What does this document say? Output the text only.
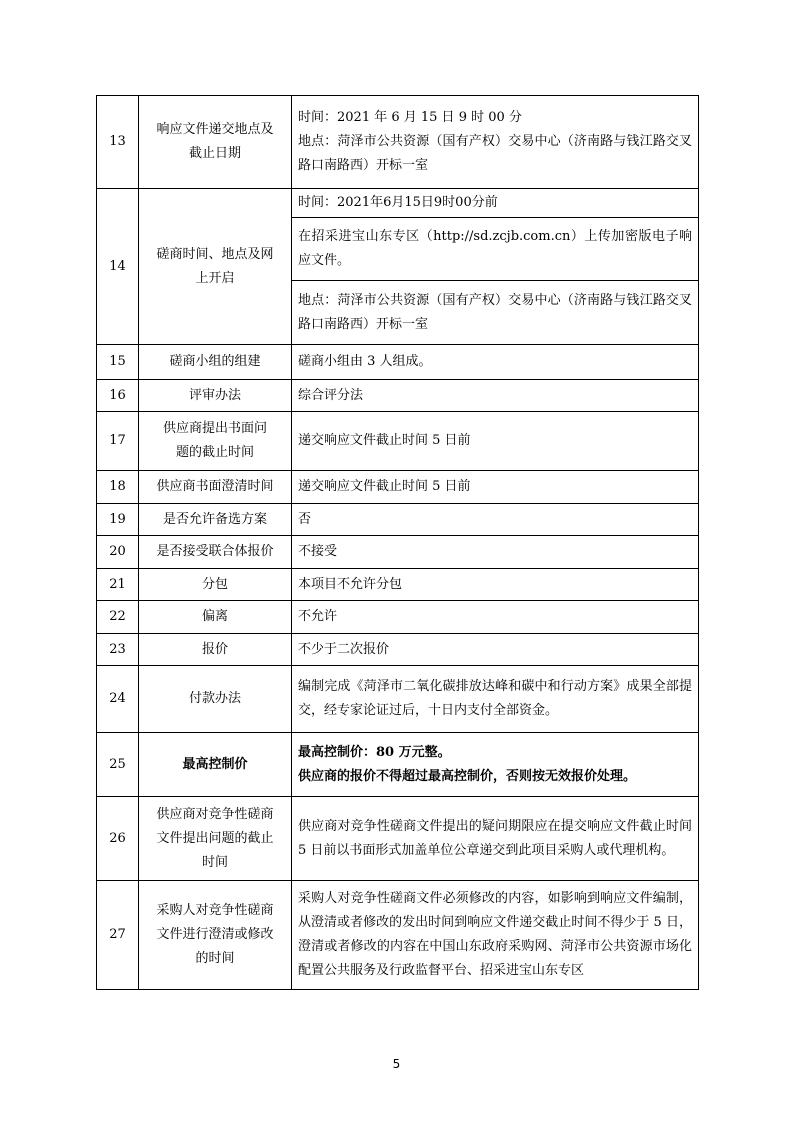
13	响应文件递交地点及截止日期	时间：2021 年 6 月 15 日 9 时 00 分
地点：菏泽市公共资源（国有产权）交易中心（济南路与钱江路交叉路口南路西）开标一室

14	磋商时间、地点及网上开启	时间：2021年6月15日9时00分前

		在招采进宝山东专区（http://sd.zcjb.com.cn）上传加密版电子响应文件。

		地点：菏泽市公共资源（国有产权）交易中心（济南路与钱江路交叉路口南路西）开标一室

15	磋商小组的组建	磋商小组由 3 人组成。
16	评审办法	综合评分法
17	供应商提出书面问题的截止时间	递交响应文件截止时间 5 日前
18	供应商书面澄清时间	递交响应文件截止时间 5 日前
19	是否允许备选方案	否
20	是否接受联合体报价	不接受
21	分包	本项目不允许分包
22	偏离	不允许
23	报价	不少于二次报价
24	付款办法	编制完成《菏泽市二氧化碳排放达峰和碳中和行动方案》成果全部提交，经专家论证过后，十日内支付全部资金。

25	最高控制价	最高控制价：80 万元整。
供应商的报价不得超过最高控制价，否则按无效报价处理。

26	供应商对竞争性磋商文件提出问题的截止时间	供应商对竞争性磋商文件提出的疑问期限应在提交响应文件截止时间 5 日前以书面形式加盖单位公章递交到此项目采购人或代理机构。

27	采购人对竞争性磋商文件进行澄清或修改的时间	采购人对竞争性磋商文件必须修改的内容，如影响到响应文件编制，从澄清或者修改的发出时间到响应文件递交截止时间不得少于 5 日，澄清或者修改的内容在中国山东政府采购网、菏泽市公共资源市场化配置公共服务及行政监督平台、招采进宝山东专区
5
